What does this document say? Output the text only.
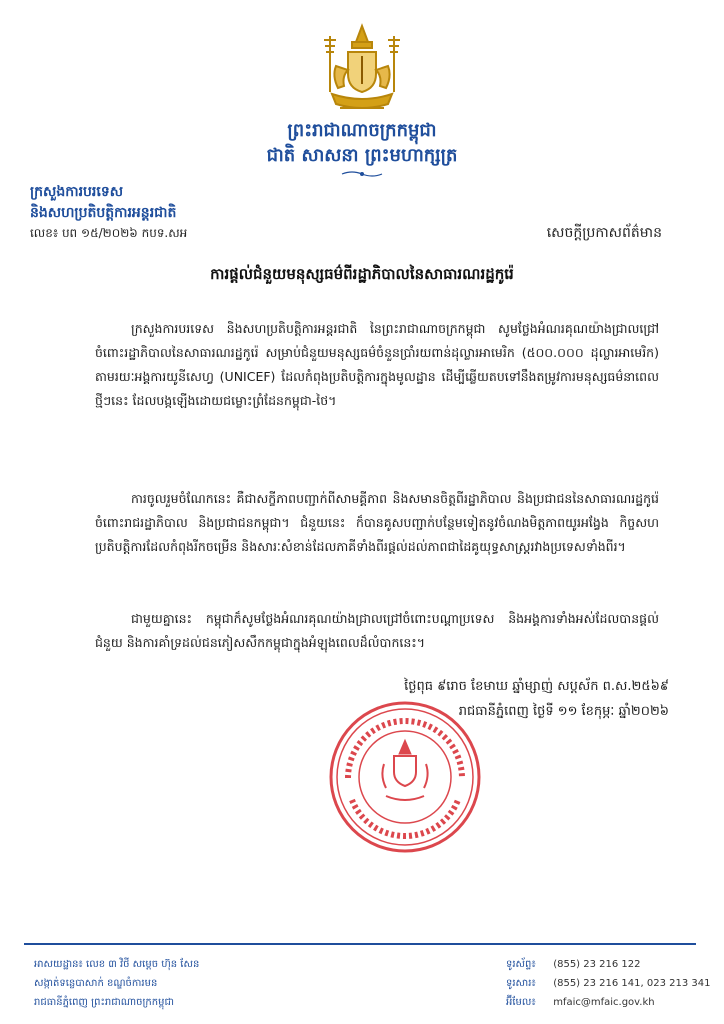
ព្រះរាជាណាចក្រកម្ពុជា
ជាតិ សាសនា ព្រះមហាក្សត្រ
ក្រសួងការបរទេស
និងសហប្រតិបត្តិការអន្តរជាតិ
លេខ៖ បព ១៥/២០២៦ កបទ.សអ	សេចក្តីប្រកាសព័ត៌មាន
ការផ្តល់ជំនួយមនុស្សធម៌ពីរដ្ឋាភិបាលនៃសាធារណរដ្ឋកូរ៉េ
ក្រសួងការបរទេស និងសហប្រតិបត្តិការអន្តរជាតិ នៃព្រះរាជាណាចក្រកម្ពុជា សូមថ្លែងអំណរគុណយ៉ាងជ្រាលជ្រៅចំពោះរដ្ឋាភិបាលនៃសាធារណរដ្ឋកូរ៉េ សម្រាប់ជំនួយមនុស្សធម៌ចំនួនប្រាំរយពាន់ដុល្លារអាមេរិក (៥០០.០០០ ដុល្លារអាមេរិក) តាមរយៈអង្គការយូនីសេហ្វ (UNICEF) ដែលកំពុងប្រតិបត្តិការក្នុងមូលដ្ឋាន ដើម្បីឆ្លើយតបទៅនឹងតម្រូវការមនុស្សធម៌នាពេលថ្មីៗនេះ ដែលបង្កឡើងដោយជម្លោះព្រំដែនកម្ពុជា-ថៃ។
ការចូលរួមចំណែកនេះ គឺជាសក្ខីភាពបញ្ជាក់ពីសាមគ្គីភាព និងសមានចិត្តពីរដ្ឋាភិបាល និងប្រជាជននៃសាធារណរដ្ឋកូរ៉េ ចំពោះរាជរដ្ឋាភិបាល និងប្រជាជនកម្ពុជា។ ជំនួយនេះ ក៏បានគូសបញ្ជាក់បន្ថែមទៀតនូវចំណងមិត្តភាពយូរអង្វែង កិច្ចសហប្រតិបត្តិការដែលកំពុងរីកចម្រើន និងសារៈសំខាន់ដែលភាគីទាំងពីរផ្តល់ដល់ភាពជាដៃគូយុទ្ធសាស្ត្ររវាងប្រទេសទាំងពីរ។
ជាមួយគ្នានេះ កម្ពុជាក៏សូមថ្លែងអំណរគុណយ៉ាងជ្រាលជ្រៅចំពោះបណ្តាប្រទេស និងអង្គការទាំងអស់ដែលបានផ្តល់ជំនួយ និងការគាំទ្រដល់ជនភៀសសឹកកម្ពុជាក្នុងអំឡុងពេលដ៏លំបាកនេះ។
ថ្ងៃពុធ ៩រោច ខែមាឃ ឆ្នាំម្សាញ់ សប្តស័ក ព.ស.២៥៦៩
រាជធានីភ្នំពេញ ថ្ងៃទី ១១ ខែកុម្ភៈ ឆ្នាំ២០២៦
អាសយដ្ឋាន៖ លេខ ៣ វិថី សម្តេច ហ៊ុន សែន
សង្កាត់ទន្លេបាសាក់ ខណ្ឌចំការមន
រាជធានីភ្នំពេញ ព្រះរាជាណាចក្រកម្ពុជា
ទូរស័ព្ទ៖ (855) 23 216 122
ទូរសារ៖ (855) 23 216 141, 023 213 341
អ៊ីមែល៖ mfaic@mfaic.gov.kh
